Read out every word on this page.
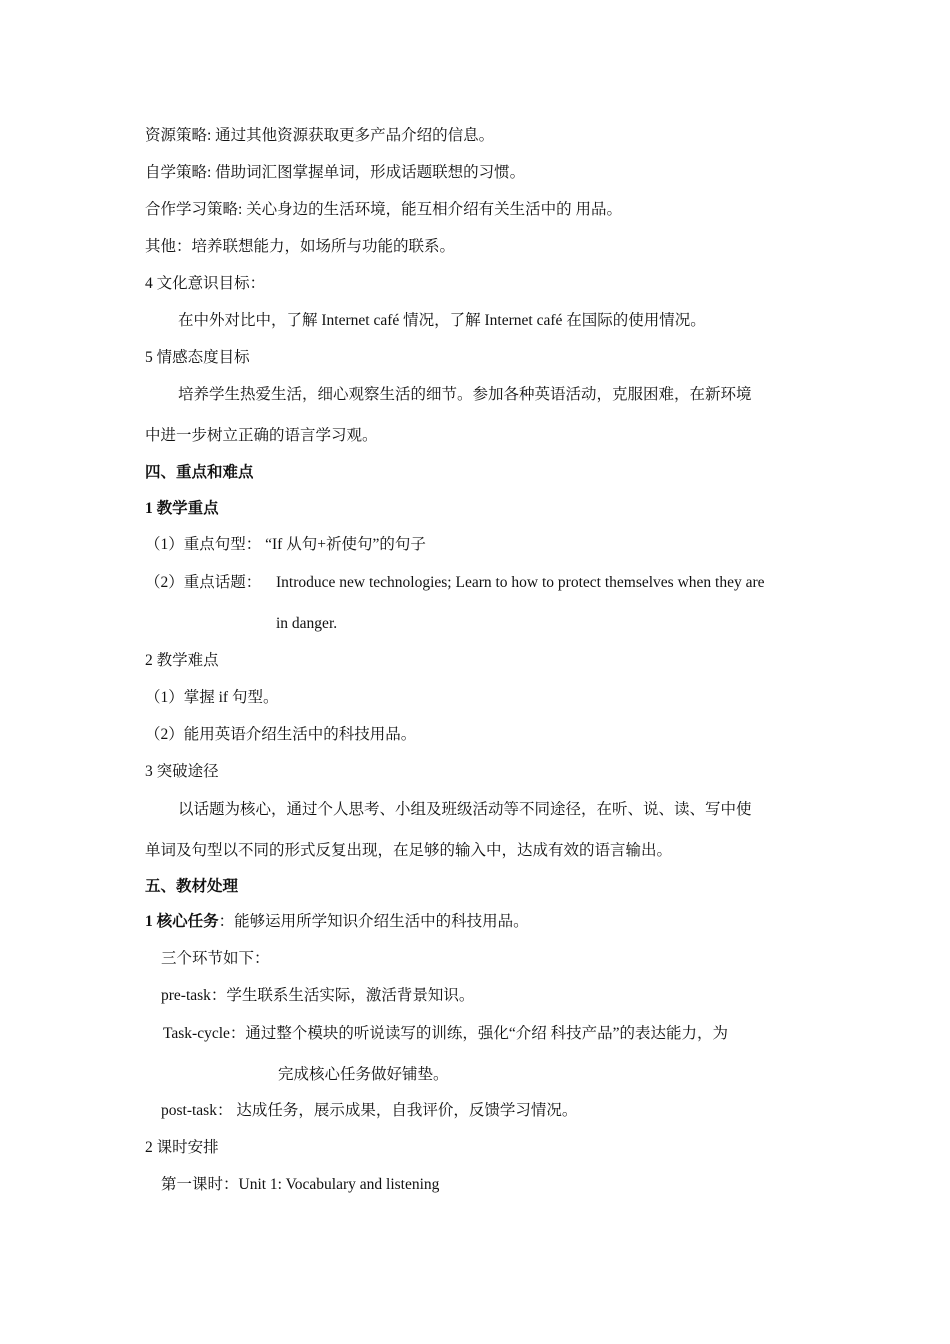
资源策略: 通过其他资源获取更多产品介绍的信息。
自学策略: 借助词汇图掌握单词，形成话题联想的习惯。
合作学习策略: 关心身边的生活环境，能互相介绍有关生活中的 用品。
其他：培养联想能力，如场所与功能的联系。
4 文化意识目标：
在中外对比中，了解 Internet café 情况，了解 Internet café 在国际的使用情况。
5 情感态度目标
培养学生热爱生活，细心观察生活的细节。参加各种英语活动，克服困难，在新环境
中进一步树立正确的语言学习观。
四、重点和难点
1 教学重点
（1）重点句型： “If 从句+祈使句”的句子
（2）重点话题： Introduce new technologies; Learn to how to protect themselves when they are
in danger.
2 教学难点
（1）掌握 if 句型。
（2）能用英语介绍生活中的科技用品。
3 突破途径
以话题为核心，通过个人思考、小组及班级活动等不同途径，在听、说、读、写中使
单词及句型以不同的形式反复出现，在足够的输入中，达成有效的语言输出。
五、教材处理
1 核心任务：能够运用所学知识介绍生活中的科技用品。
三个环节如下：
pre-task：学生联系生活实际，激活背景知识。
Task-cycle：通过整个模块的听说读写的训练，强化“介绍 科技产品”的表达能力，为
完成核心任务做好铺垫。
post-task： 达成任务，展示成果，自我评价，反馈学习情况。
2 课时安排
第一课时：Unit 1: Vocabulary and listening
